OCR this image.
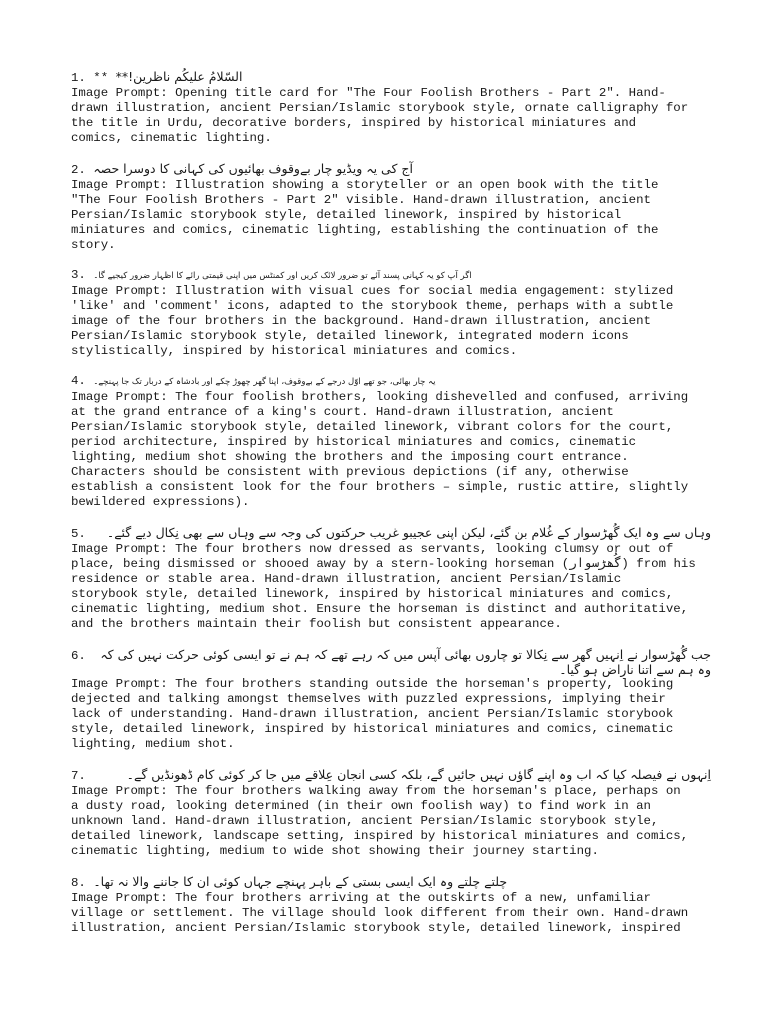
1. ** السّلامُ علیکُم ناظرین!**

Image Prompt: Opening title card for "The Four Foolish Brothers - Part 2". Hand-
drawn illustration, ancient Persian/Islamic storybook style, ornate calligraphy for
the title in Urdu, decorative borders, inspired by historical miniatures and
comics, cinematic lighting.

2. آج کی یہ ویڈیو چار بےوقوف بھائیوں کی کہانی کا دوسرا حصہ

Image Prompt: Illustration showing a storyteller or an open book with the title
"The Four Foolish Brothers - Part 2" visible. Hand-drawn illustration, ancient
Persian/Islamic storybook style, detailed linework, inspired by historical
miniatures and comics, cinematic lighting, establishing the continuation of the
story.

3. اگر آپ کو یہ کہانی پسند آئے تو ضرور لائک کریں اور کمنٹس میں اپنی قیمتی رائے کا اظہار ضرور کیجیے گا۔

Image Prompt: Illustration with visual cues for social media engagement: stylized
'like' and 'comment' icons, adapted to the storybook theme, perhaps with a subtle
image of the four brothers in the background. Hand-drawn illustration, ancient
Persian/Islamic storybook style, detailed linework, integrated modern icons
stylistically, inspired by historical miniatures and comics.

4. یہ چار بھائی، جو تھے اوّل درجے کے بےوقوف، اپنا گھر چھوڑ چکے اور بادشاہ کے دربار تک جا پہنچے۔

Image Prompt: The four foolish brothers, looking dishevelled and confused, arriving
at the grand entrance of a king's court. Hand-drawn illustration, ancient
Persian/Islamic storybook style, detailed linework, vibrant colors for the court,
period architecture, inspired by historical miniatures and comics, cinematic
lighting, medium shot showing the brothers and the imposing court entrance.
Characters should be consistent with previous depictions (if any, otherwise
establish a consistent look for the four brothers – simple, rustic attire, slightly
bewildered expressions).

5.	وہاں سے وہ ایک گُھڑسوار کے غُلام بن گئے، لیکن اپنی عجیبو غریب حرکتوں کی وجہ سے وہاں سے بھی نِکال دیے گئے۔

Image Prompt: The four brothers now dressed as servants, looking clumsy or out of
place, being dismissed or shooed away by a stern-looking horseman (گُھڑسوار) from his
residence or stable area. Hand-drawn illustration, ancient Persian/Islamic
storybook style, detailed linework, inspired by historical miniatures and comics,
cinematic lighting, medium shot. Ensure the horseman is distinct and authoritative,
and the brothers maintain their foolish but consistent appearance.

6. جب گُھڑسوار نے اِنہیں گھر سے نِکالا تو چاروں بھائی آپس میں کہ رہے تھے کہ ہم نے تو ایسی کوئی حرکت نہیں کی کہ وہ ہم سے اتنا ناراض ہو گیا۔

Image Prompt: The four brothers standing outside the horseman's property, looking
dejected and talking amongst themselves with puzzled expressions, implying their
lack of understanding. Hand-drawn illustration, ancient Persian/Islamic storybook
style, detailed linework, inspired by historical miniatures and comics, cinematic
lighting, medium shot.

7.	اِنہوں نے فیصلہ کیا کہ اب وہ اپنے گاؤں نہیں جائیں گے، بلکہ کسی انجان عِلاقے میں جا کر کوئی کام ڈھونڈیں گے۔

Image Prompt: The four brothers walking away from the horseman's place, perhaps on
a dusty road, looking determined (in their own foolish way) to find work in an
unknown land. Hand-drawn illustration, ancient Persian/Islamic storybook style,
detailed linework, landscape setting, inspired by historical miniatures and comics,
cinematic lighting, medium to wide shot showing their journey starting.

8. چلتے چلتے وہ ایک ایسی بستی کے باہر پہنچے جہاں کوئی ان کا جاننے والا نہ تھا۔

Image Prompt: The four brothers arriving at the outskirts of a new, unfamiliar
village or settlement. The village should look different from their own. Hand-drawn
illustration, ancient Persian/Islamic storybook style, detailed linework, inspired
